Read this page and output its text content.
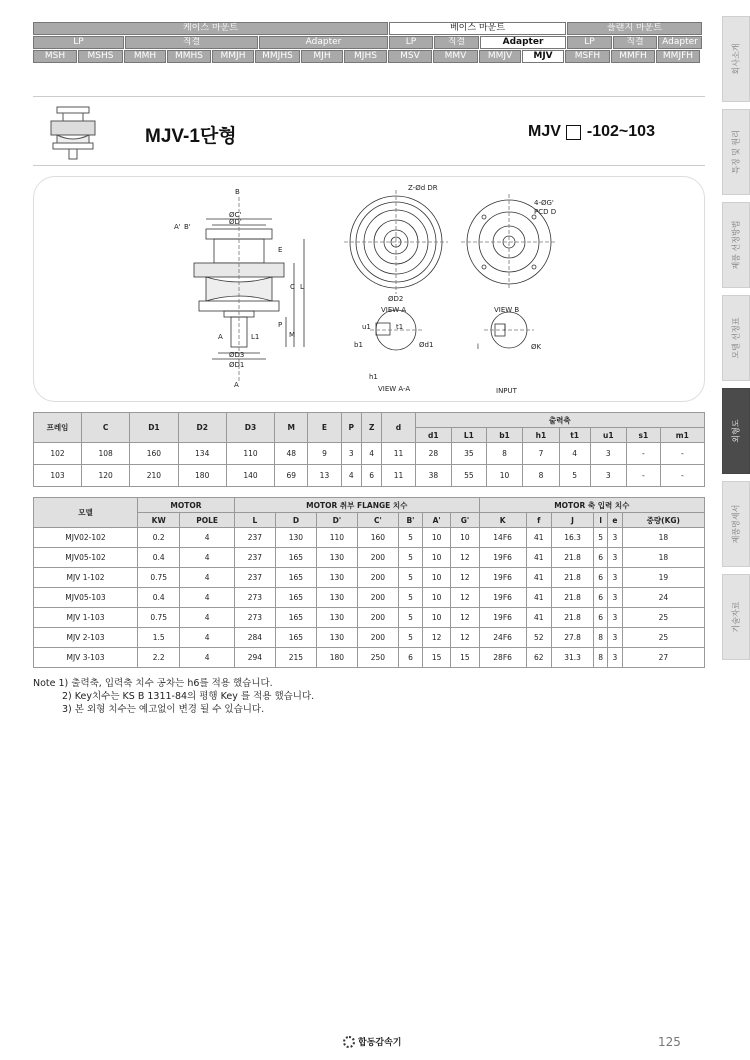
케이스 마운트	베이스 마운트	플랜지 마운트
LP	직결	Adapter	LP	직결	Adapter	LP	직결	Adapter
MSH	MSHS	MMH	MMHS	MMJH	MMJHS	MJH	MJHS	MSV	MMV	MMJV	MJV	MSFH	MMFH	MMJFH	회사소개
특징 및 원리
제품 선정방법
모델 선정표
외형도
제품명세서
기술자료
MJV-1단형	MJV -102~103
B
ØC'
ØD'
A' B'
E
C L
P
M
A	L1
ØD3
ØD1
A
Z-Ød DR
ØD2
VIEW A
4-ØG'
PCD D
VIEW B
u1	t1
b1	Ød1
h1
VIEW A-A
J
l	ØK
INPUT
프레임	C	D1	D2	D3	M	E	P	Z	d	출력축							
										d1	L1	b1	h1	t1	u1	s1	m1
102	108	160	134	110	48	9	3	4	11	28	35	8	7	4	3	-	-
103	120	210	180	140	69	13	4	6	11	38	55	10	8	5	3	-	-
모델	MOTOR		MOTOR 취부 FLANGE 치수							MOTOR 축 입력 치수					
	KW	POLE	L	D	D'	C'	B'	A'	G'	K	f	J	l	e	중량(KG)
MJV02-102	0.2	4	237	130	110	160	5	10	10	14F6	41	16.3	5	3	18
MJV05-102	0.4	4	237	165	130	200	5	10	12	19F6	41	21.8	6	3	18
MJV 1-102	0.75	4	237	165	130	200	5	10	12	19F6	41	21.8	6	3	19
MJV05-103	0.4	4	273	165	130	200	5	10	12	19F6	41	21.8	6	3	24
MJV 1-103	0.75	4	273	165	130	200	5	10	12	19F6	41	21.8	6	3	25
MJV 2-103	1.5	4	284	165	130	200	5	12	12	24F6	52	27.8	8	3	25
MJV 3-103	2.2	4	294	215	180	250	6	15	15	28F6	62	31.3	8	3	27
Note 1) 출력축, 입력축 치수 공차는 h6를 적용 했습니다.
2) Key치수는 KS B 1311-84의 평행 Key 를 적용 했습니다.
3) 본 외형 치수는 예고없이 변경 될 수 있습니다.
합동감속기	125
